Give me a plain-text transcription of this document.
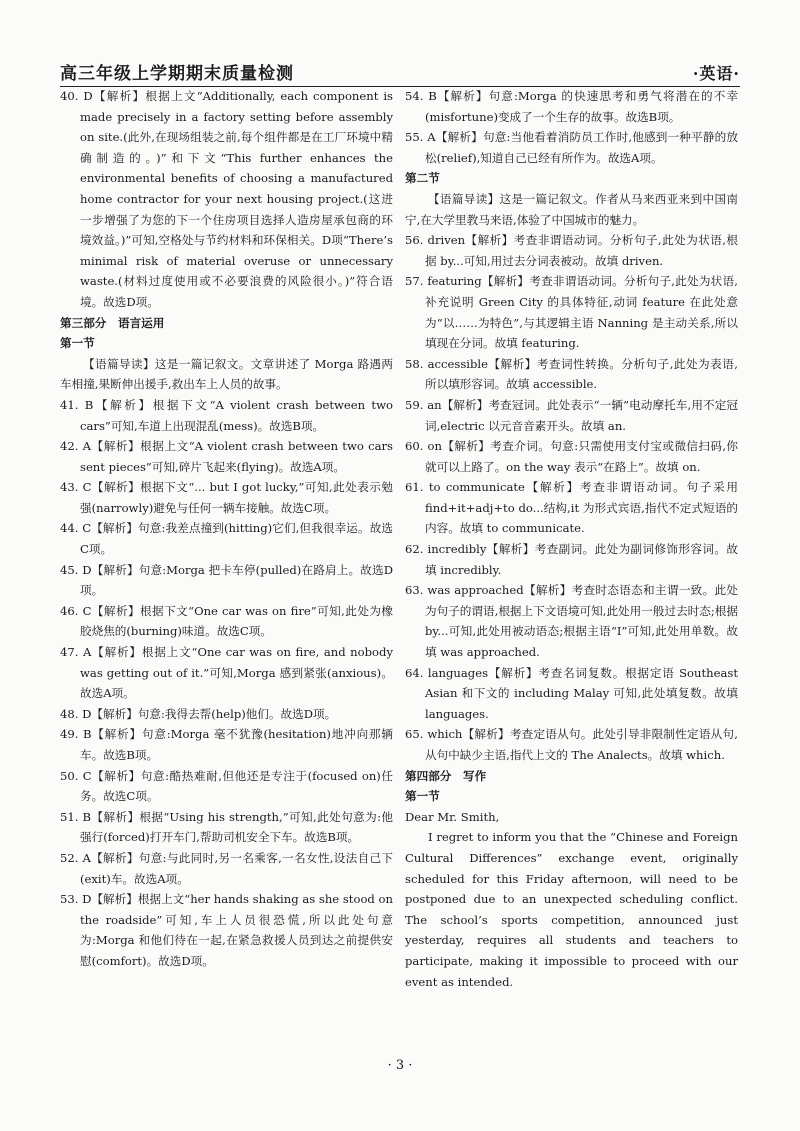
高三年级上学期期末质量检测	·英语·

40. D【解析】根据上文“Additionally, each component is made precisely in a factory setting before assembly on site.(此外,在现场组装之前,每个组件都是在工厂环境中精确制造的。)”和下文“This further enhances the environmental benefits of choosing a manufactured home contractor for your next housing project.(这进一步增强了为您的下一个住房项目选择人造房屋承包商的环境效益。)”可知,空格处与节约材料和环保相关。D项“There’s minimal risk of material overuse or unnecessary waste.(材料过度使用或不必要浪费的风险很小。)”符合语境。故选D项。

第三部分　语言运用

第一节

【语篇导读】这是一篇记叙文。文章讲述了 Morga 路遇两车相撞,果断伸出援手,救出车上人员的故事。

41. B【解析】根据下文“A violent crash between two cars”可知,车道上出现混乱(mess)。故选B项。

42. A【解析】根据上文“A violent crash between two cars sent pieces”可知,碎片飞起来(flying)。故选A项。

43. C【解析】根据下文“... but I got lucky,”可知,此处表示勉强(narrowly)避免与任何一辆车接触。故选C项。

44. C【解析】句意:我差点撞到(hitting)它们,但我很幸运。故选C项。

45. D【解析】句意:Morga 把卡车停(pulled)在路肩上。故选D项。

46. C【解析】根据下文“One car was on fire”可知,此处为橡胶烧焦的(burning)味道。故选C项。

47. A【解析】根据上文“One car was on fire, and nobody was getting out of it.”可知,Morga 感到紧张(anxious)。故选A项。

48. D【解析】句意:我得去帮(help)他们。故选D项。

49. B【解析】句意:Morga 毫不犹豫(hesitation)地冲向那辆车。故选B项。

50. C【解析】句意:酷热难耐,但他还是专注于(focused on)任务。故选C项。

51. B【解析】根据“Using his strength,”可知,此处句意为:他强行(forced)打开车门,帮助司机安全下车。故选B项。

52. A【解析】句意:与此同时,另一名乘客,一名女性,设法自己下(exit)车。故选A项。

53. D【解析】根据上文“her hands shaking as she stood on the roadside”可知,车上人员很恐慌,所以此处句意为:Morga 和他们待在一起,在紧急救援人员到达之前提供安慰(comfort)。故选D项。

54. B【解析】句意:Morga 的快速思考和勇气将潜在的不幸(misfortune)变成了一个生存的故事。故选B项。

55. A【解析】句意:当他看着消防员工作时,他感到一种平静的放松(relief),知道自己已经有所作为。故选A项。

第二节

【语篇导读】这是一篇记叙文。作者从马来西亚来到中国南宁,在大学里教马来语,体验了中国城市的魅力。

56. driven【解析】考查非谓语动词。分析句子,此处为状语,根据 by...可知,用过去分词表被动。故填 driven.

57. featuring【解析】考查非谓语动词。分析句子,此处为状语,补充说明 Green City 的具体特征,动词 feature 在此处意为“以……为特色”,与其逻辑主语 Nanning 是主动关系,所以填现在分词。故填 featuring.

58. accessible【解析】考查词性转换。分析句子,此处为表语,所以填形容词。故填 accessible.

59. an【解析】考查冠词。此处表示“一辆”电动摩托车,用不定冠词,electric 以元音音素开头。故填 an.

60. on【解析】考查介词。句意:只需使用支付宝或微信扫码,你就可以上路了。on the way 表示“在路上”。故填 on.

61. to communicate【解析】考查非谓语动词。句子采用 find+it+adj+to do...结构,it 为形式宾语,指代不定式短语的内容。故填 to communicate.

62. incredibly【解析】考查副词。此处为副词修饰形容词。故填 incredibly.

63. was approached【解析】考查时态语态和主谓一致。此处为句子的谓语,根据上下文语境可知,此处用一般过去时态;根据 by...可知,此处用被动语态;根据主语“I”可知,此处用单数。故填 was approached.

64. languages【解析】考查名词复数。根据定语 Southeast Asian 和下文的 including Malay 可知,此处填复数。故填 languages.

65. which【解析】考查定语从句。此处引导非限制性定语从句,从句中缺少主语,指代上文的 The Analects。故填 which.

第四部分　写作

第一节

Dear Mr. Smith,

I regret to inform you that the “Chinese and Foreign Cultural Differences” exchange event, originally scheduled for this Friday afternoon, will need to be postponed due to an unexpected scheduling conflict. The school’s sports competition, announced just yesterday, requires all students and teachers to participate, making it impossible to proceed with our event as intended.

· 3 ·
